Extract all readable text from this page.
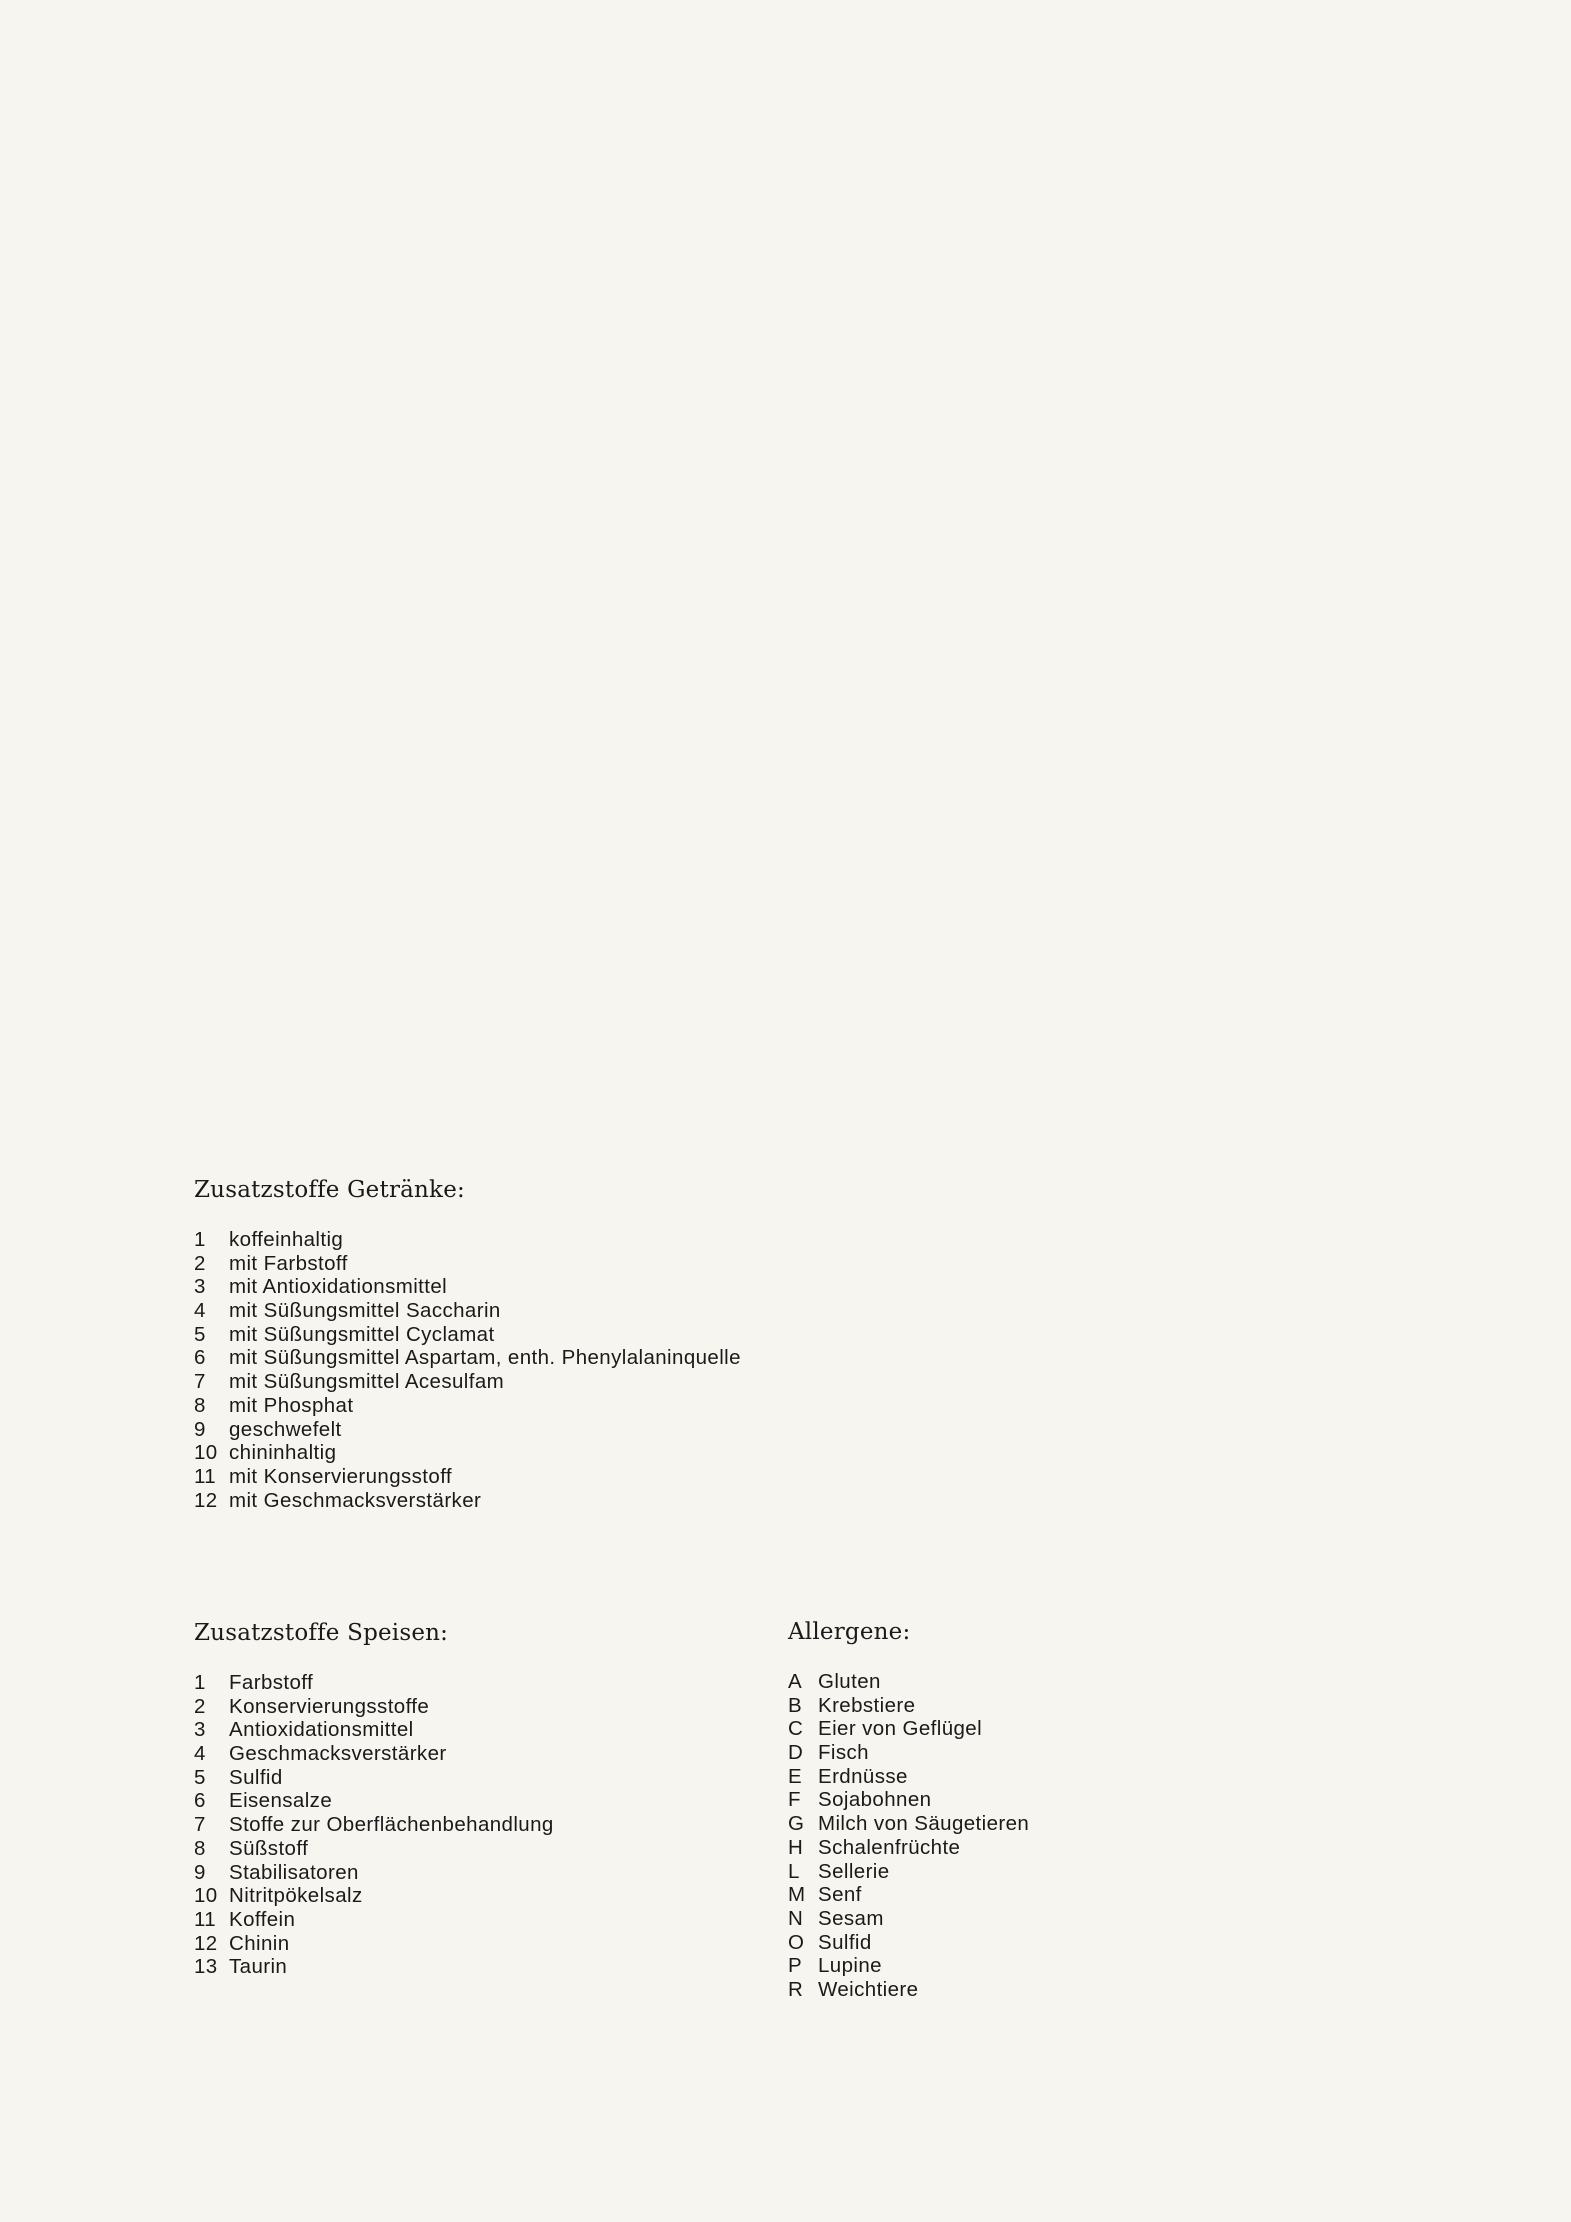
Zusatzstoffe Getränke:
1	koffeinhaltig
2	mit Farbstoff
3	mit Antioxidationsmittel
4	mit Süßungsmittel Saccharin
5	mit Süßungsmittel Cyclamat
6	mit Süßungsmittel Aspartam, enth. Phenylalaninquelle
7	mit Süßungsmittel Acesulfam
8	mit Phosphat
9	geschwefelt
10 chininhaltig
11 mit Konservierungsstoff
12 mit Geschmacksverstärker
Zusatzstoffe Speisen:
1	Farbstoff
2	Konservierungsstoffe
3	Antioxidationsmittel
4	Geschmacksverstärker
5	Sulfid
6	Eisensalze
7	Stoffe zur Oberflächenbehandlung
8	Süßstoff
9	Stabilisatoren
10 Nitritpökelsalz
11 Koffein
12 Chinin
13 Taurin
Allergene:
A Gluten
B Krebstiere
C Eier von Geflügel
D Fisch
E Erdnüsse
F Sojabohnen
G Milch von Säugetieren
H Schalenfrüchte
L Sellerie
M Senf
N Sesam
O Sulfid
P Lupine
R Weichtiere
